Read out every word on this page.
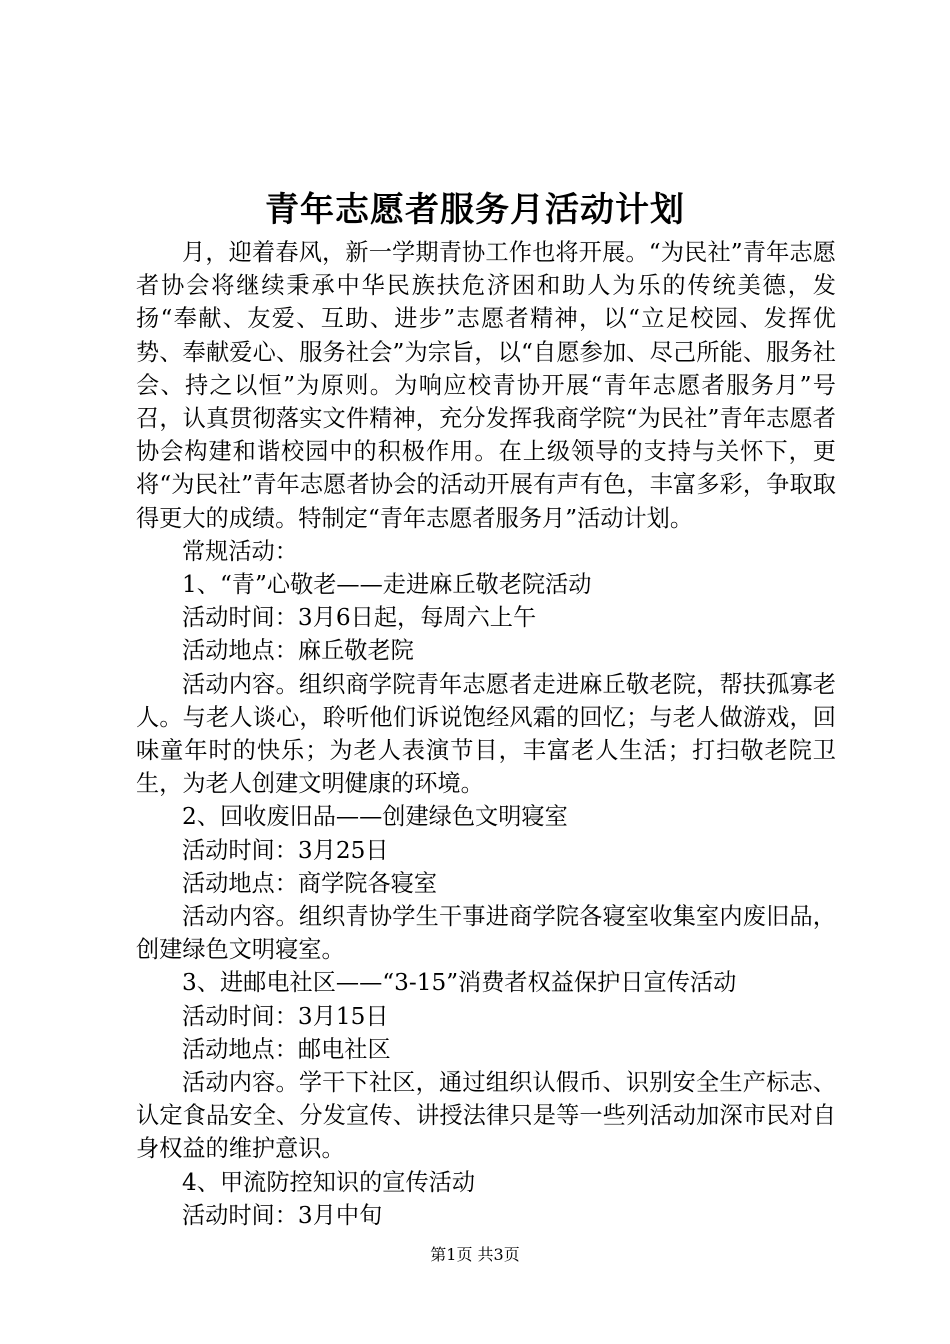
青年志愿者服务月活动计划

月，迎着春风，新一学期青协工作也将开展。“为民社”青年志愿者协会将继续秉承中华民族扶危济困和助人为乐的传统美德，发扬“奉献、友爱、互助、进步”志愿者精神，以“立足校园、发挥优势、奉献爱心、服务社会”为宗旨，以“自愿参加、尽己所能、服务社会、持之以恒”为原则。为响应校青协开展“青年志愿者服务月”号召，认真贯彻落实文件精神，充分发挥我商学院“为民社”青年志愿者协会构建和谐校园中的积极作用。在上级领导的支持与关怀下，更将“为民社”青年志愿者协会的活动开展有声有色，丰富多彩，争取取得更大的成绩。特制定“青年志愿者服务月”活动计划。

常规活动：

1、“青”心敬老——走进麻丘敬老院活动

活动时间：3月6日起，每周六上午

活动地点：麻丘敬老院

活动内容。组织商学院青年志愿者走进麻丘敬老院，帮扶孤寡老人。与老人谈心，聆听他们诉说饱经风霜的回忆；与老人做游戏，回味童年时的快乐；为老人表演节目，丰富老人生活；打扫敬老院卫生，为老人创建文明健康的环境。

2、回收废旧品——创建绿色文明寝室

活动时间：3月25日

活动地点：商学院各寝室

活动内容。组织青协学生干事进商学院各寝室收集室内废旧品，创建绿色文明寝室。

3、进邮电社区——“3-15”消费者权益保护日宣传活动

活动时间：3月15日

活动地点：邮电社区

活动内容。学干下社区，通过组织认假币、识别安全生产标志、认定食品安全、分发宣传、讲授法律只是等一些列活动加深市民对自身权益的维护意识。

4、甲流防控知识的宣传活动

活动时间：3月中旬

第1页 共3页
